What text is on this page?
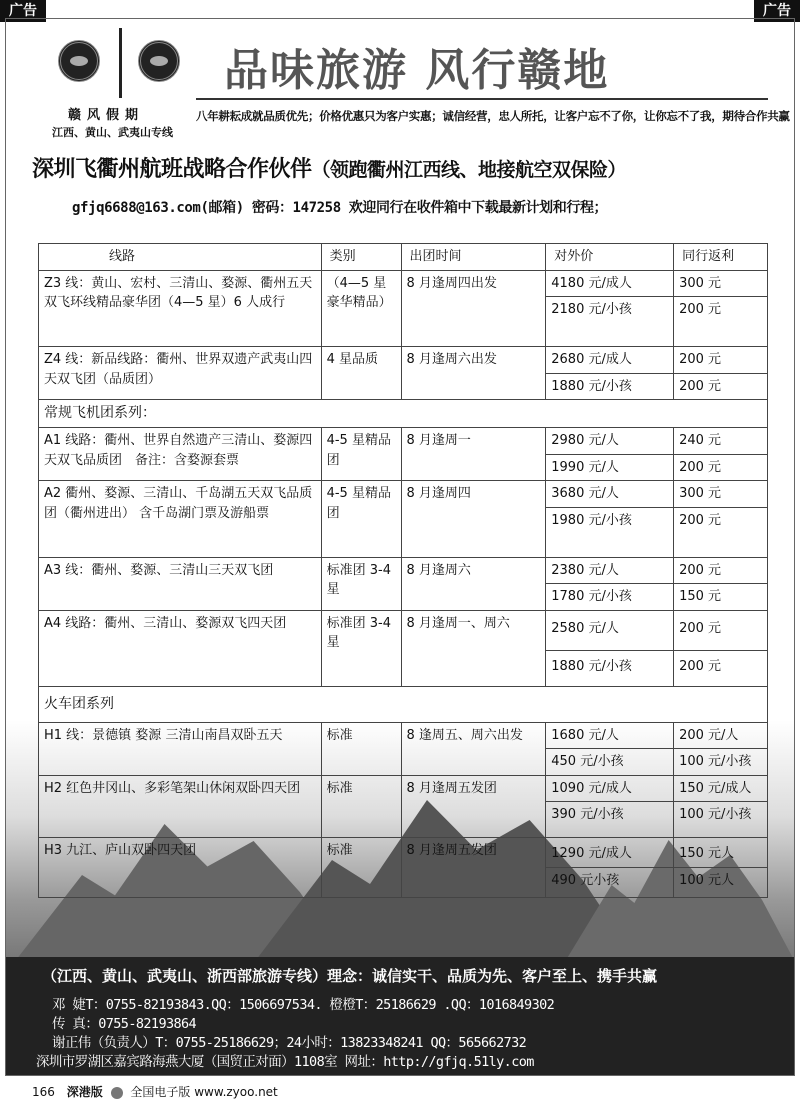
广告	广告
赣风假期
江西、黄山、武夷山专线
品味旅游 风行赣地
八年耕耘成就品质优先；价格优惠只为客户实惠；诚信经营，忠人所托，让客户忘不了你，让你忘不了我，期待合作共赢
深圳飞衢州航班战略合作伙伴（领跑衢州江西线、地接航空双保险）
gfjq6688@163.com(邮箱) 密码：147258 欢迎同行在收件箱中下载最新计划和行程；
线路	类别	出团时间	对外价	同行返利
Z3 线：黄山、宏村、三清山、婺源、衢州五天双飞环线精品豪华团（4—5 星）6 人成行	（4—5 星豪华精品）	8 月逢周四出发	4180 元/成人	300 元
			2180 元/小孩	200 元
Z4 线：新品线路：衢州、世界双遗产武夷山四天双飞团（品质团）	4 星品质	8 月逢周六出发	2680 元/成人	200 元
			1880 元/小孩	200 元
常规飞机团系列：				
A1 线路：衢州、世界自然遗产三清山、婺源四天双飞品质团　备注：含婺源套票	4-5 星精品团	8 月逢周一	2980 元/人	240 元
			1990 元/人	200 元
A2 衢州、婺源、三清山、千岛湖五天双飞品质团（衢州进出） 含千岛湖门票及游船票	4-5 星精品团	8 月逢周四	3680 元/人	300 元
			1980 元/小孩	200 元
A3 线：衢州、婺源、三清山三天双飞团	标准团 3-4 星	8 月逢周六	2380 元/人	200 元
			1780 元/小孩	150 元
A4 线路：衢州、三清山、婺源双飞四天团	标准团 3-4 星	8 月逢周一、周六	2580 元/人	200 元
			1880 元/小孩	200 元
火车团系列				
H1 线：景德镇 婺源 三清山南昌双卧五天	标准	8 逢周五、周六出发	1680 元/人	200 元/人
			450 元/小孩	100 元/小孩
H2 红色井冈山、多彩笔架山休闲双卧四天团	标准	8 月逢周五发团	1090 元/成人	150 元/成人
			390 元/小孩	100 元/小孩
H3 九江、庐山双卧四天团	标准	8 月逢周五发团	1290 元/成人	150 元人
			490 元小孩	100 元人
（江西、黄山、武夷山、浙西部旅游专线）理念：诚信实干、品质为先、客户至上、携手共赢
邓 婕T：0755-82193843.QQ：1506697534. 橙橙T：25186629 .QQ：1016849302
传 真：0755-82193864
谢正伟（负责人）T：0755-25186629；24小时：13823348241 QQ：565662732
深圳市罗湖区嘉宾路海燕大厦（国贸正对面）1108室 网址：http://gfjq.51ly.com
166 深港版 全国电子版 www.zyoo.net
